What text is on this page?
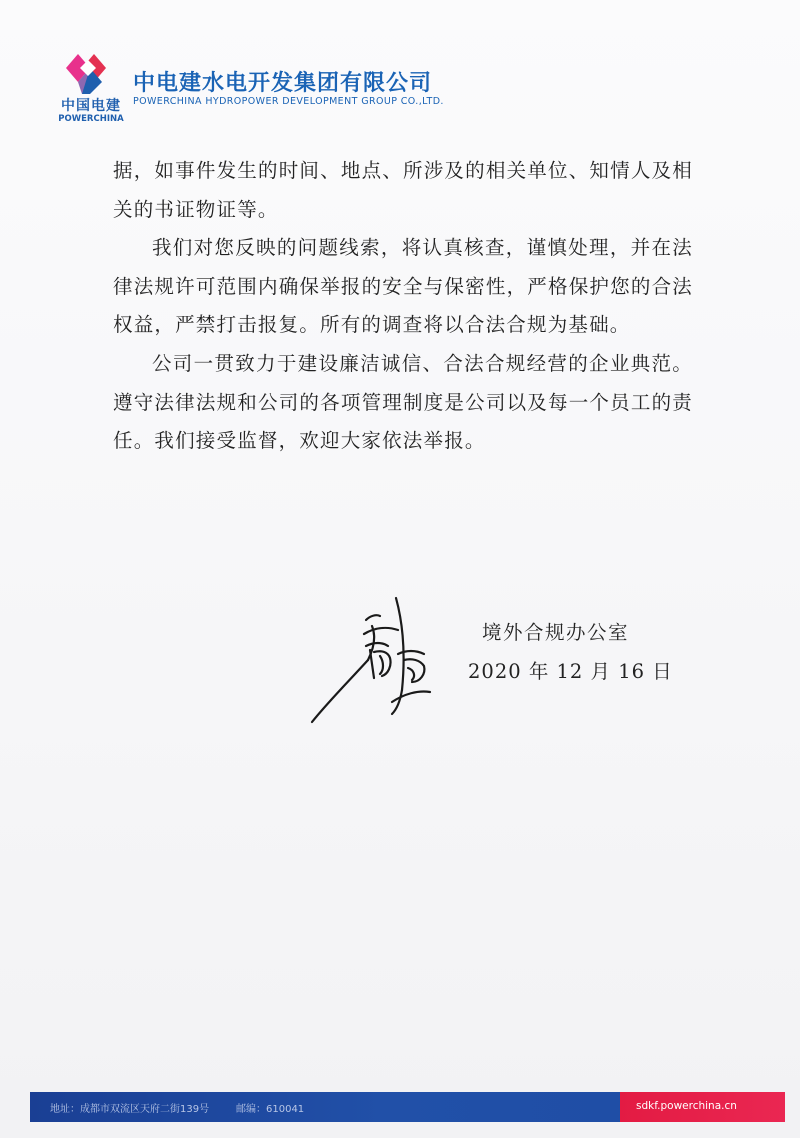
中国电建
POWERCHINA
中电建水电开发集团有限公司
POWERCHINA HYDROPOWER DEVELOPMENT GROUP CO.,LTD.

据，如事件发生的时间、地点、所涉及的相关单位、知情人及相关的书证物证等。

我们对您反映的问题线索，将认真核查，谨慎处理，并在法律法规许可范围内确保举报的安全与保密性，严格保护您的合法权益，严禁打击报复。所有的调查将以合法合规为基础。

公司一贯致力于建设廉洁诚信、合法合规经营的企业典范。遵守法律法规和公司的各项管理制度是公司以及每一个员工的责任。我们接受监督，欢迎大家依法举报。

境外合规办公室
2020 年 12 月 16 日
地址：成都市双流区天府二街139号	邮编：610041	sdkf.powerchina.cn
